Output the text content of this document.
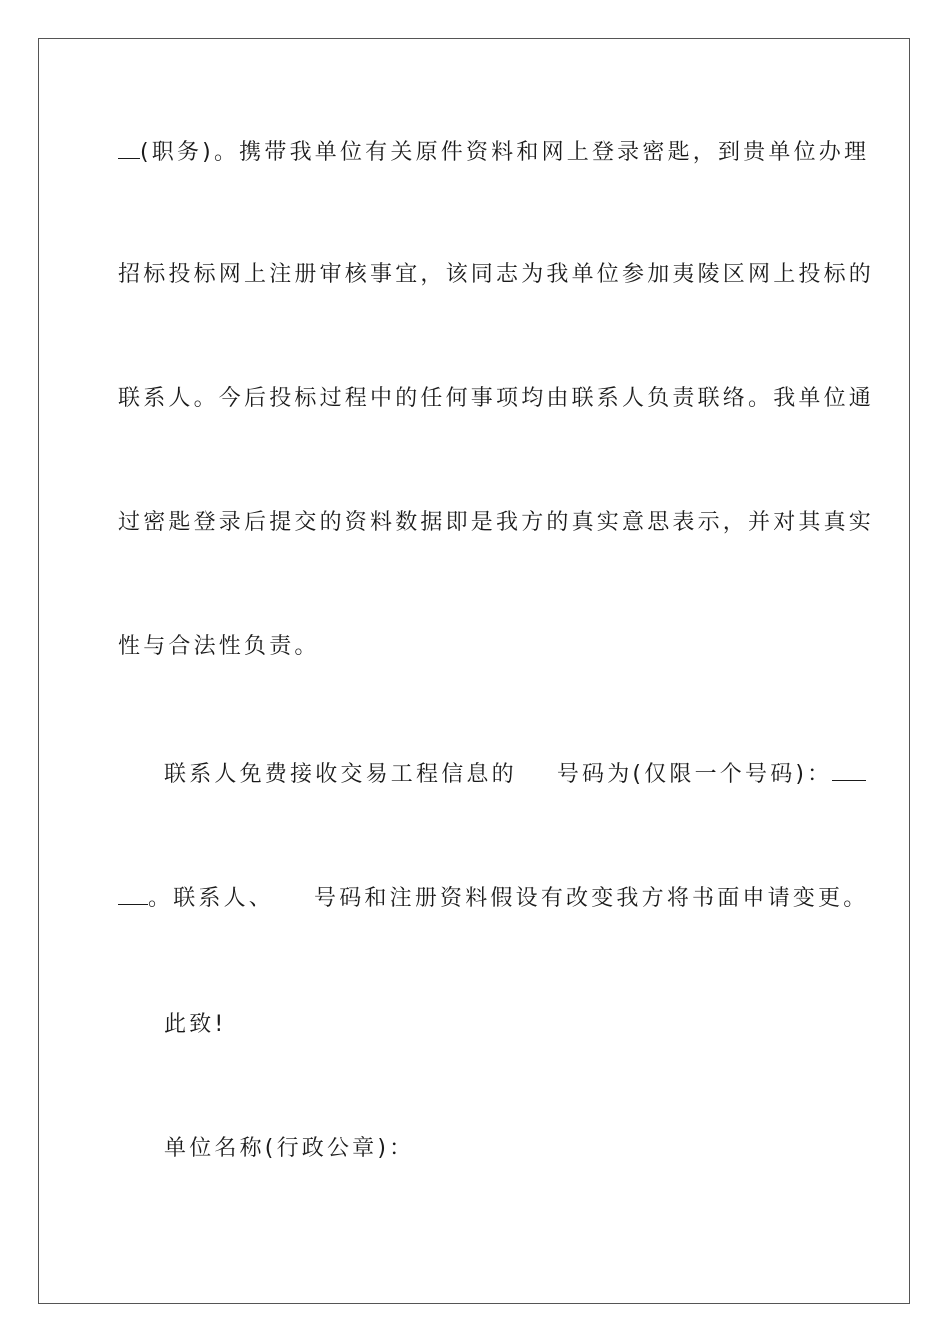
(职务)。携带我单位有关原件资料和网上登录密匙，到贵单位办理
招标投标网上注册审核事宜，该同志为我单位参加夷陵区网上投标的
联系人。今后投标过程中的任何事项均由联系人负责联络。我单位通
过密匙登录后提交的资料数据即是我方的真实意思表示，并对其真实
性与合法性负责。
联系人免费接收交易工程信息的 号码为(仅限一个号码)：
。联系人、 号码和注册资料假设有改变我方将书面申请变更。
此致!
单位名称(行政公章)：
